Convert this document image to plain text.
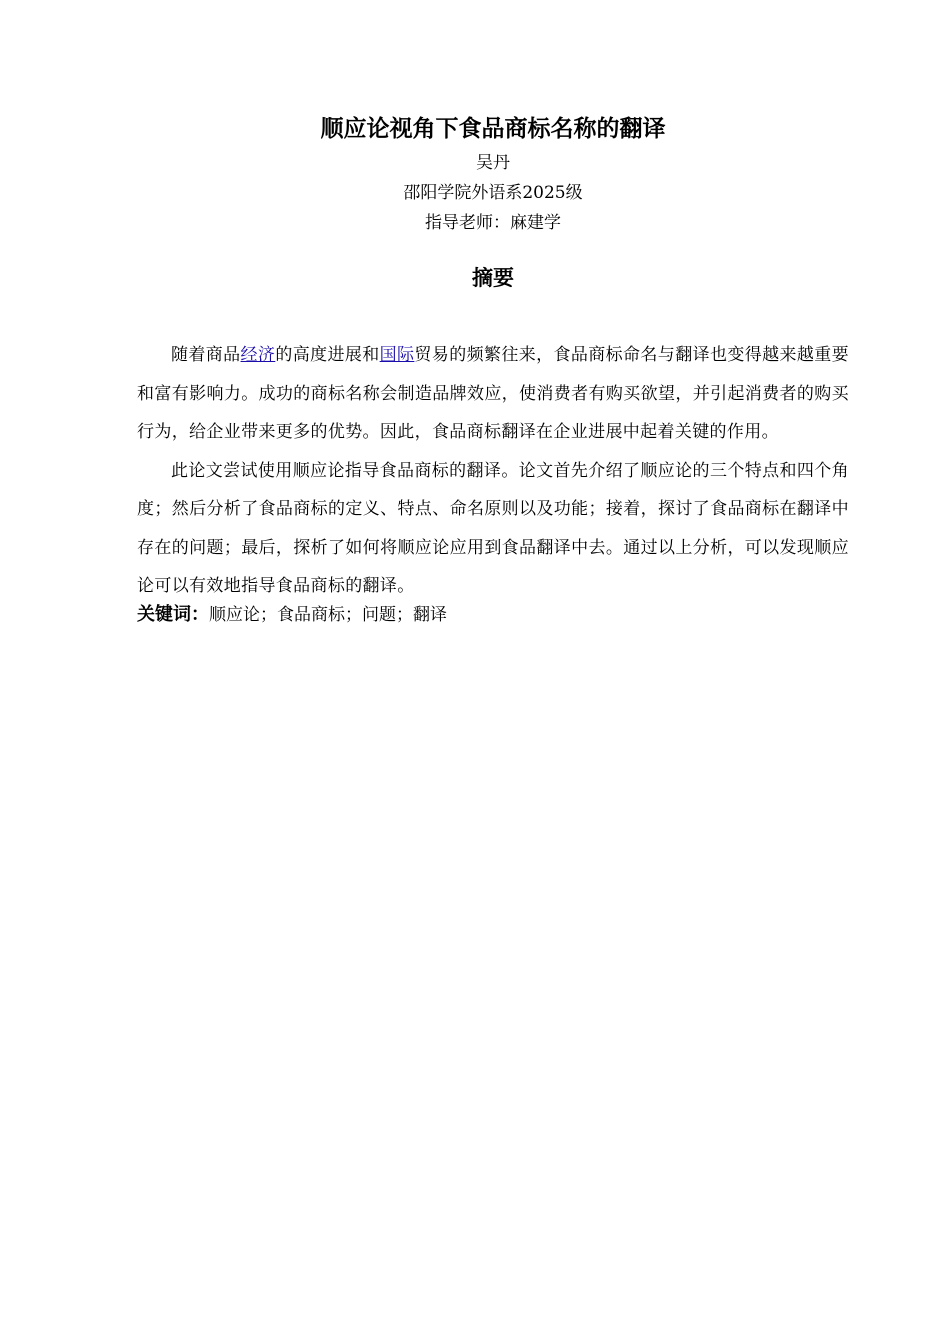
顺应论视角下食品商标名称的翻译

吴丹

邵阳学院外语系2025级

指导老师：麻建学

摘要

随着商品经济的高度进展和国际贸易的频繁往来，食品商标命名与翻译也变得越来越重要和富有影响力。成功的商标名称会制造品牌效应，使消费者有购买欲望，并引起消费者的购买行为，给企业带来更多的优势。因此，食品商标翻译在企业进展中起着关键的作用。

此论文尝试使用顺应论指导食品商标的翻译。论文首先介绍了顺应论的三个特点和四个角度；然后分析了食品商标的定义、特点、命名原则以及功能；接着，探讨了食品商标在翻译中存在的问题；最后，探析了如何将顺应论应用到食品翻译中去。通过以上分析，可以发现顺应论可以有效地指导食品商标的翻译。

关键词：顺应论；食品商标；问题；翻译
